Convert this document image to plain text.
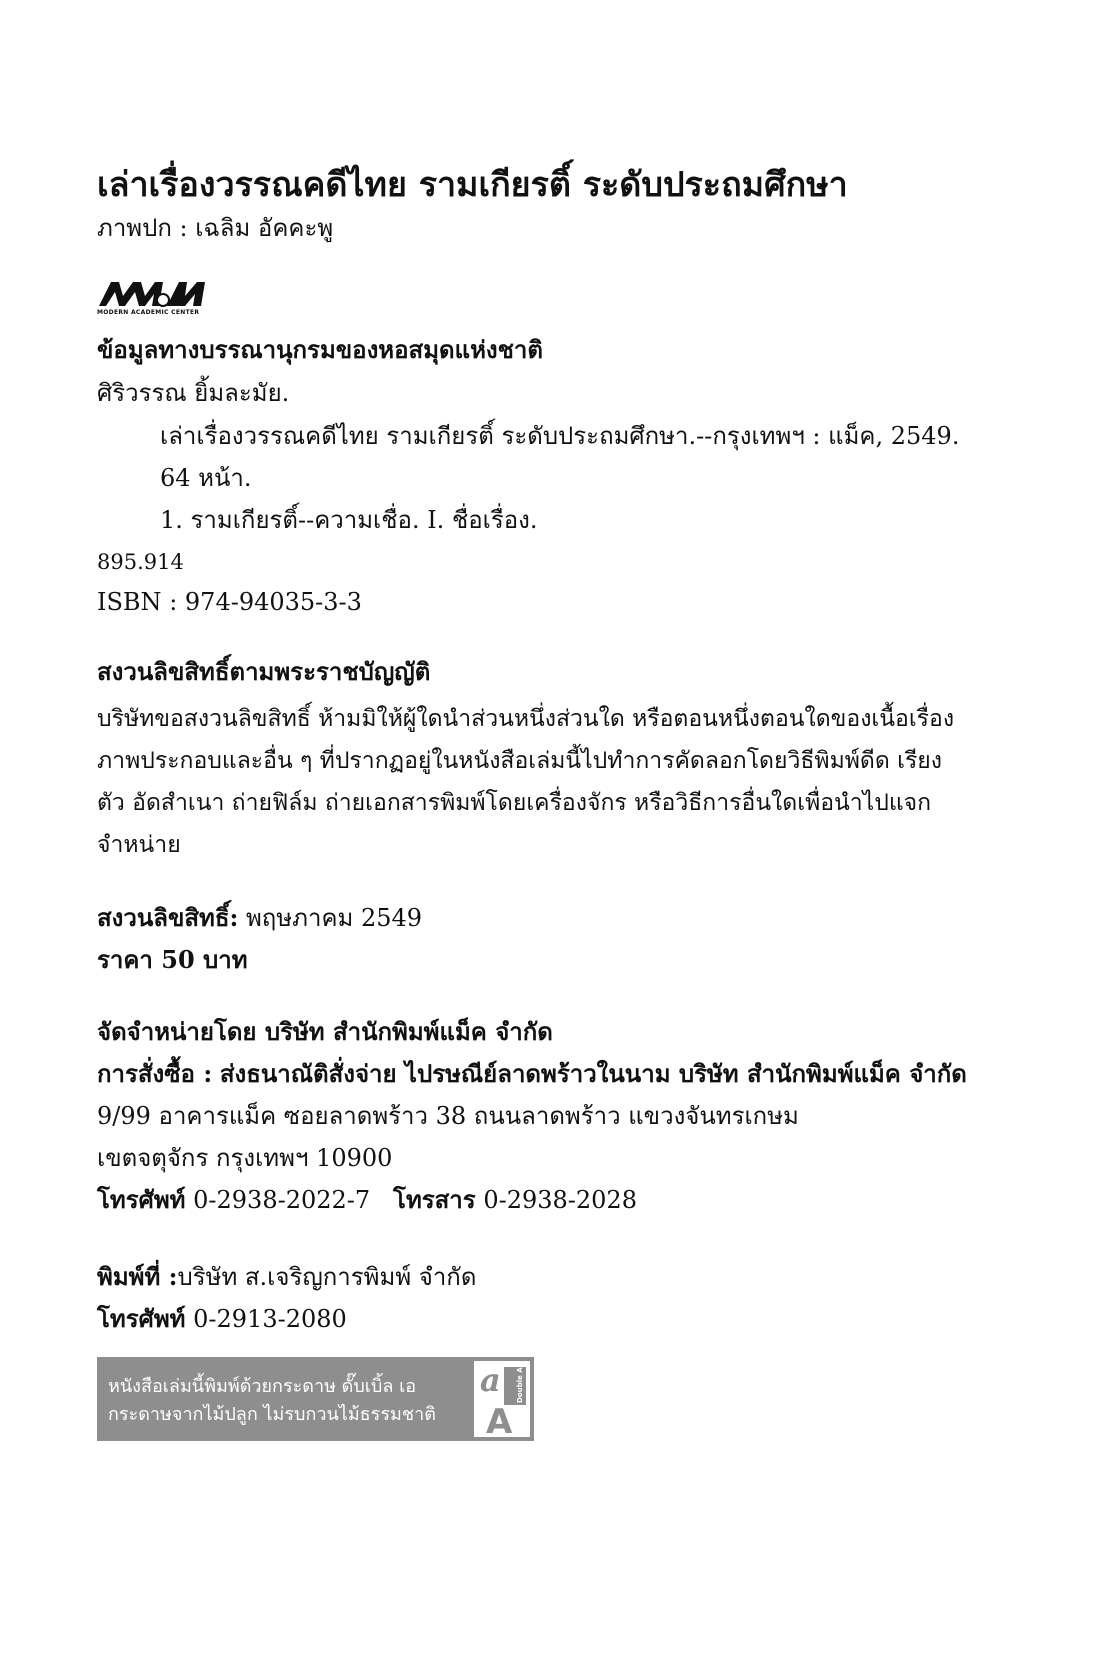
เล่าเรื่องวรรณคดีไทย รามเกียรติ์ ระดับประถมศึกษา
ภาพปก : เฉลิม อัคคะพู
MODERN ACADEMIC CENTER
ข้อมูลทางบรรณานุกรมของหอสมุดแห่งชาติ
ศิริวรรณ ยิ้มละมัย.
เล่าเรื่องวรรณคดีไทย รามเกียรติ์ ระดับประถมศึกษา.--กรุงเทพฯ : แม็ค, 2549.
64 หน้า.
1. รามเกียรติ์--ความเชื่อ. I. ชื่อเรื่อง.
895.914
ISBN : 974-94035-3-3
สงวนลิขสิทธิ์ตามพระราชบัญญัติ
บริษัทขอสงวนลิขสิทธิ์ ห้ามมิให้ผู้ใดนำส่วนหนึ่งส่วนใด หรือตอนหนึ่งตอนใดของเนื้อเรื่อง ภาพประกอบและอื่น ๆ ที่ปรากฏอยู่ในหนังสือเล่มนี้ไปทำการคัดลอกโดยวิธีพิมพ์ดีด เรียงตัว อัดสำเนา ถ่ายฟิล์ม ถ่ายเอกสารพิมพ์โดยเครื่องจักร หรือวิธีการอื่นใดเพื่อนำไปแจกจำหน่าย
สงวนลิขสิทธิ์: พฤษภาคม 2549
ราคา 50 บาท
จัดจำหน่ายโดย บริษัท สำนักพิมพ์แม็ค จำกัด
การสั่งซื้อ : ส่งธนาณัติสั่งจ่าย ไปรษณีย์ลาดพร้าวในนาม บริษัท สำนักพิมพ์แม็ค จำกัด
9/99 อาคารแม็ค ซอยลาดพร้าว 38 ถนนลาดพร้าว แขวงจันทรเกษม
เขตจตุจักร กรุงเทพฯ 10900
โทรศัพท์ 0-2938-2022-7 โทรสาร 0-2938-2028
พิมพ์ที่ :บริษัท ส.เจริญการพิมพ์ จำกัด
โทรศัพท์ 0-2913-2080
หนังสือเล่มนี้พิมพ์ด้วยกระดาษ ดั๊บเบิ้ล เอ
กระดาษจากไม้ปลูก ไม่รบกวนไม้ธรรมชาติ
a Double A
A
